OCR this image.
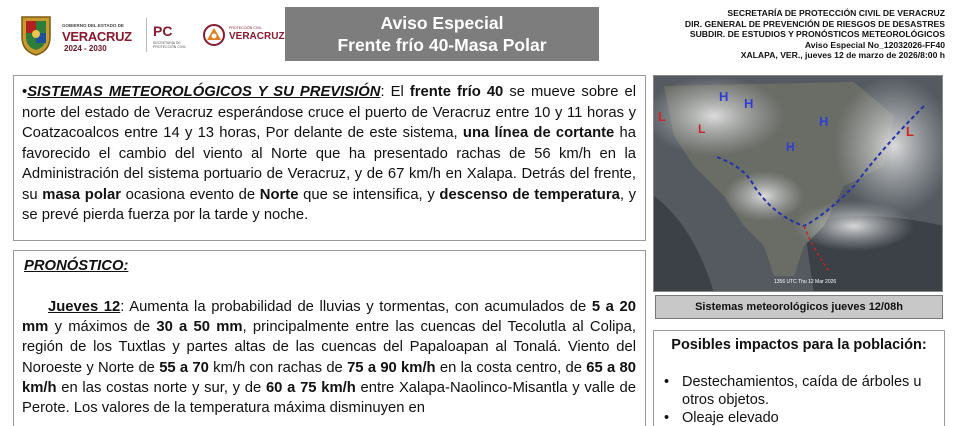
GOBIERNO DEL ESTADO DE
VERACRUZ
2024 - 2030
PC
SECRETARÍA DE PROTECCIÓN CIVIL
PROTECCIÓN CIVIL
VERACRUZ
Aviso Especial
Frente frío 40-Masa Polar
SECRETARÍA DE PROTECCIÓN CIVIL DE VERACRUZ
DIR. GENERAL DE PREVENCIÓN DE RIESGOS DE DESASTRES
SUBDIR. DE ESTUDIOS Y PRONÓSTICOS METEOROLÓGICOS
Aviso Especial No_12032026-FF40
XALAPA, VER., jueves 12 de marzo de 2026/8:00 h
•SISTEMAS METEOROLÓGICOS Y SU PREVISIÓN: El frente frío 40 se mueve sobre el norte del estado de Veracruz esperándose cruce el puerto de Veracruz entre 10 y 11 horas y Coatzacoalcos entre 14 y 13 horas, Por delante de este sistema, una línea de cortante ha favorecido el cambio del viento al Norte que ha presentado rachas de 56 km/h en la Administración del sistema portuario de Veracruz, y de 67 km/h en Xalapa. Detrás del frente, su masa polar ocasiona evento de Norte que se intensifica, y descenso de temperatura, y se prevé pierda fuerza por la tarde y noche.
PRONÓSTICO:
Jueves 12: Aumenta la probabilidad de lluvias y tormentas, con acumulados de 5 a 20 mm y máximos de 30 a 50 mm, principalmente entre las cuencas del Tecolutla al Colipa, región de los Tuxtlas y partes altas de las cuencas del Papaloapan al Tonalá. Viento del Noroeste y Norte de 55 a 70 km/h con rachas de 75 a 90 km/h en la costa centro, de 65 a 80 km/h en las costas norte y sur, y de 60 a 75 km/h entre Xalapa-Naolinco-Misantla y valle de Perote. Los valores de la temperatura máxima disminuyen en
H H
H
H
L
L	L
1356 UTC Thu 12 Mar 2026
Sistemas meteorológicos jueves 12/08h
Posibles impactos para la población:
• Destechamientos, caída de árboles u otros objetos.
• Oleaje elevado
